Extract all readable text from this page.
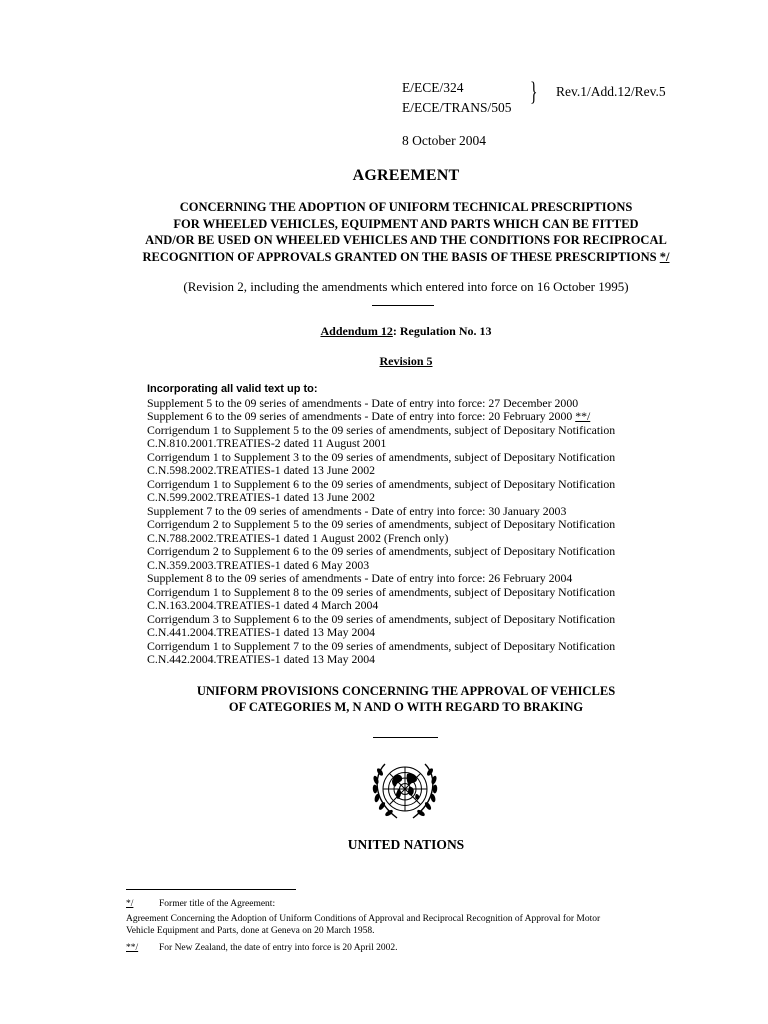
E/ECE/324
E/ECE/TRANS/505
} Rev.1/Add.12/Rev.5
8 October 2004
AGREEMENT
CONCERNING THE ADOPTION OF UNIFORM TECHNICAL PRESCRIPTIONS
FOR WHEELED VEHICLES, EQUIPMENT AND PARTS WHICH CAN BE FITTED
AND/OR BE USED ON WHEELED VEHICLES AND THE CONDITIONS FOR RECIPROCAL
RECOGNITION OF APPROVALS GRANTED ON THE BASIS OF THESE PRESCRIPTIONS */
(Revision 2, including the amendments which entered into force on 16 October 1995)
Addendum 12: Regulation No. 13
Revision 5
Incorporating all valid text up to:
Supplement 5 to the 09 series of amendments - Date of entry into force: 27 December 2000
Supplement 6 to the 09 series of amendments - Date of entry into force: 20 February 2000 **/
Corrigendum 1 to Supplement 5 to the 09 series of amendments, subject of Depositary Notification
C.N.810.2001.TREATIES-2 dated 11 August 2001
Corrigendum 1 to Supplement 3 to the 09 series of amendments, subject of Depositary Notification
C.N.598.2002.TREATIES-1 dated 13 June 2002
Corrigendum 1 to Supplement 6 to the 09 series of amendments, subject of Depositary Notification
C.N.599.2002.TREATIES-1 dated 13 June 2002
Supplement 7 to the 09 series of amendments - Date of entry into force: 30 January 2003
Corrigendum 2 to Supplement 5 to the 09 series of amendments, subject of Depositary Notification
C.N.788.2002.TREATIES-1 dated 1 August 2002 (French only)
Corrigendum 2 to Supplement 6 to the 09 series of amendments, subject of Depositary Notification
C.N.359.2003.TREATIES-1 dated 6 May 2003
Supplement 8 to the 09 series of amendments - Date of entry into force: 26 February 2004
Corrigendum 1 to Supplement 8 to the 09 series of amendments, subject of Depositary Notification
C.N.163.2004.TREATIES-1 dated 4 March 2004
Corrigendum 3 to Supplement 6 to the 09 series of amendments, subject of Depositary Notification
C.N.441.2004.TREATIES-1 dated 13 May 2004
Corrigendum 1 to Supplement 7 to the 09 series of amendments, subject of Depositary Notification
C.N.442.2004.TREATIES-1 dated 13 May 2004
UNIFORM PROVISIONS CONCERNING THE APPROVAL OF VEHICLES
OF CATEGORIES M, N AND O WITH REGARD TO BRAKING
UNITED NATIONS
*/	Former title of the Agreement:
Agreement Concerning the Adoption of Uniform Conditions of Approval and Reciprocal Recognition of Approval for Motor
Vehicle Equipment and Parts, done at Geneva on 20 March 1958.
**/ For New Zealand, the date of entry into force is 20 April 2002.
